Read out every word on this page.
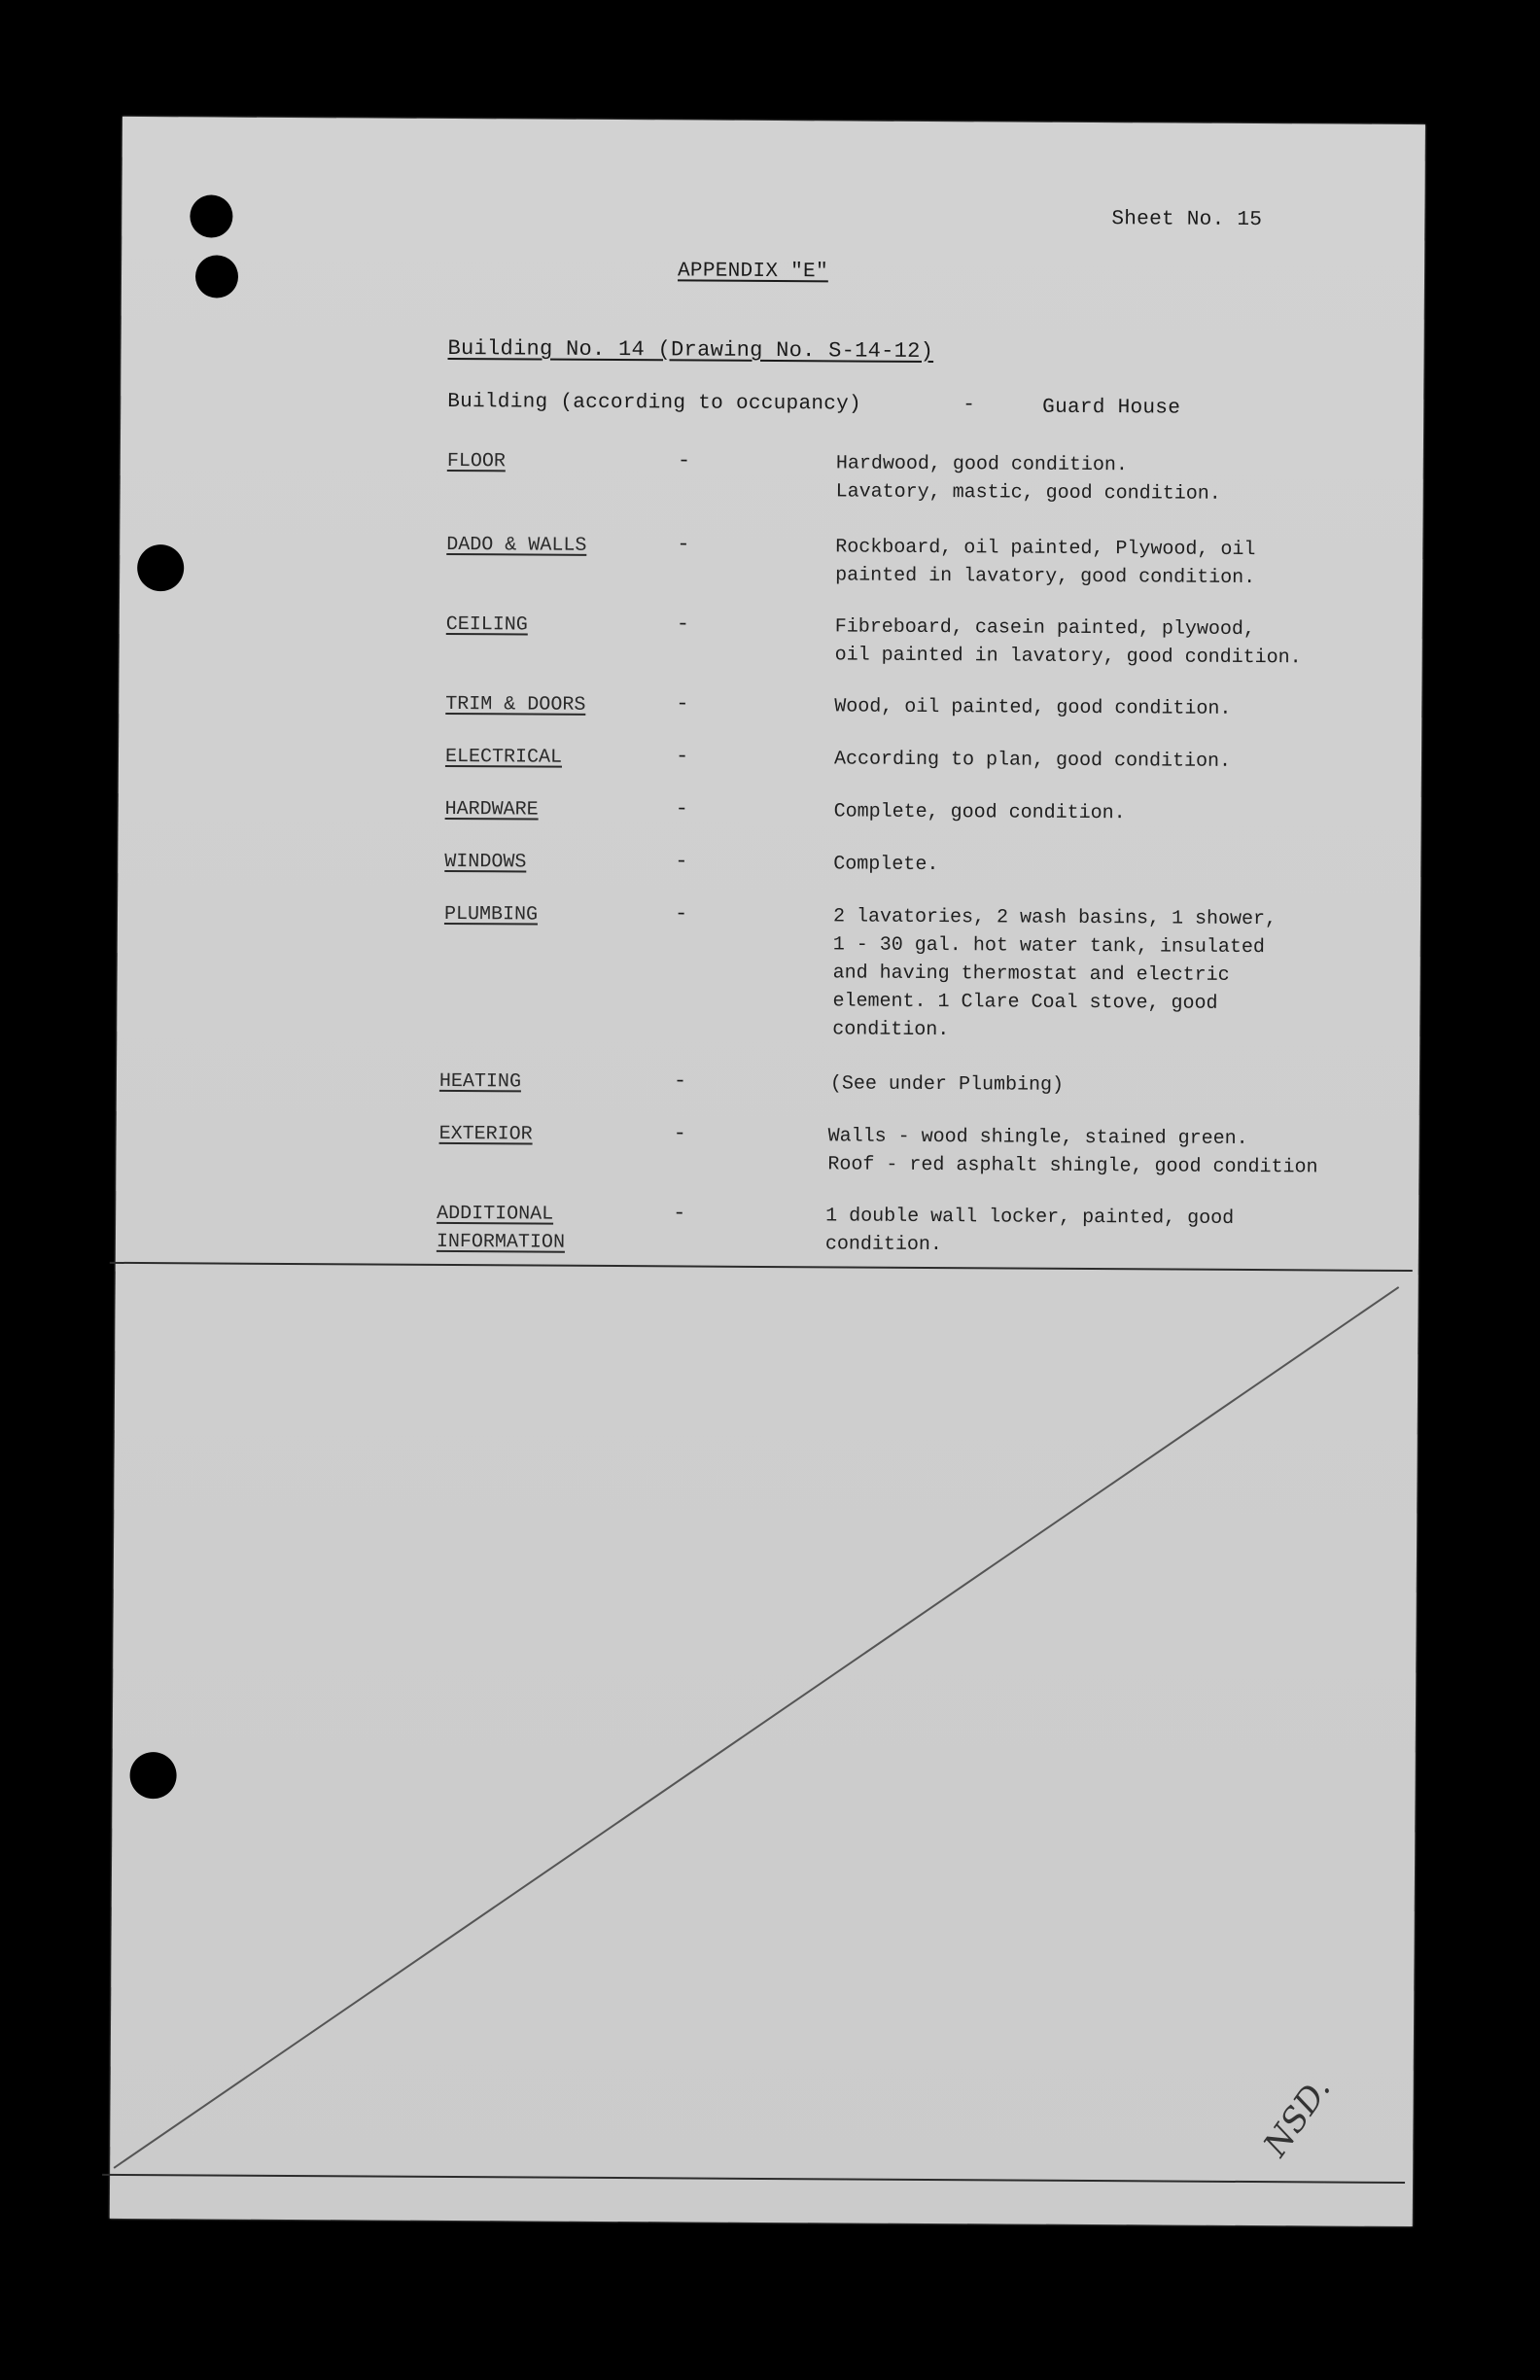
Sheet No. 15
APPENDIX "E"
Building No. 14 (Drawing No. S-14-12)
Building (according to occupancy)	-	Guard House
FLOOR	-	Hardwood, good condition.
Lavatory, mastic, good condition.
DADO & WALLS	-	Rockboard, oil painted, Plywood, oil
painted in lavatory, good condition.
CEILING	-	Fibreboard, casein painted, plywood,
oil painted in lavatory, good condition.
TRIM & DOORS	-	Wood, oil painted, good condition.
ELECTRICAL	-	According to plan, good condition.
HARDWARE	-	Complete, good condition.
WINDOWS	-	Complete.
PLUMBING	-	2 lavatories, 2 wash basins, 1 shower,
1 - 30 gal. hot water tank, insulated
and having thermostat and electric
element. 1 Clare Coal stove, good
condition.
HEATING	-	(See under Plumbing)
EXTERIOR	-	Walls - wood shingle, stained green.
Roof - red asphalt shingle, good condition
ADDITIONAL
INFORMATION
-	1 double wall locker, painted, good
condition.
NSD.
